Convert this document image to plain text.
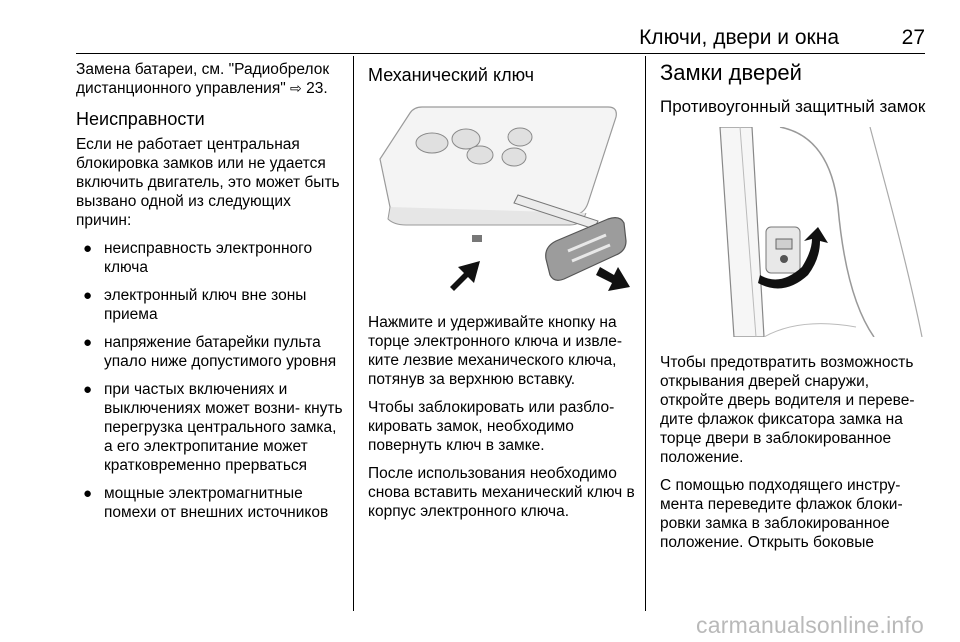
Ключи, двери и окна	27

Замена батареи, см. "Радиобрелок дистанционного управления" ⇨ 23.

Неисправности

Если не работает центральная блокировка замков или не удается включить двигатель, это может быть вызвано одной из следующих причин:

● неисправность электронного ключа
● электронный ключ вне зоны приема
● напряжение батарейки пульта упало ниже допустимого уровня
● при частых включениях и выключениях может возни- кнуть перегрузка центрального замка, а его электропитание может кратковременно прерваться
● мощные электромагнитные помехи от внешних источников
Механический ключ

Нажмите и удерживайте кнопку на торце электронного ключа и извле- ките лезвие механического ключа, потянув за верхнюю вставку.

Чтобы заблокировать или разбло- кировать замок, необходимо повернуть ключ в замке.

После использования необходимо снова вставить механический ключ в корпус электронного ключа.

Замки дверей
Противоугонный защитный замок

Чтобы предотвратить возможность открывания дверей снаружи, откройте дверь водителя и переве- дите флажок фиксатора замка на торце двери в заблокированное положение.

С помощью подходящего инстру- мента переведите флажок блоки- ровки замка в заблокированное положение. Открыть боковые

carmanualsonline.info
